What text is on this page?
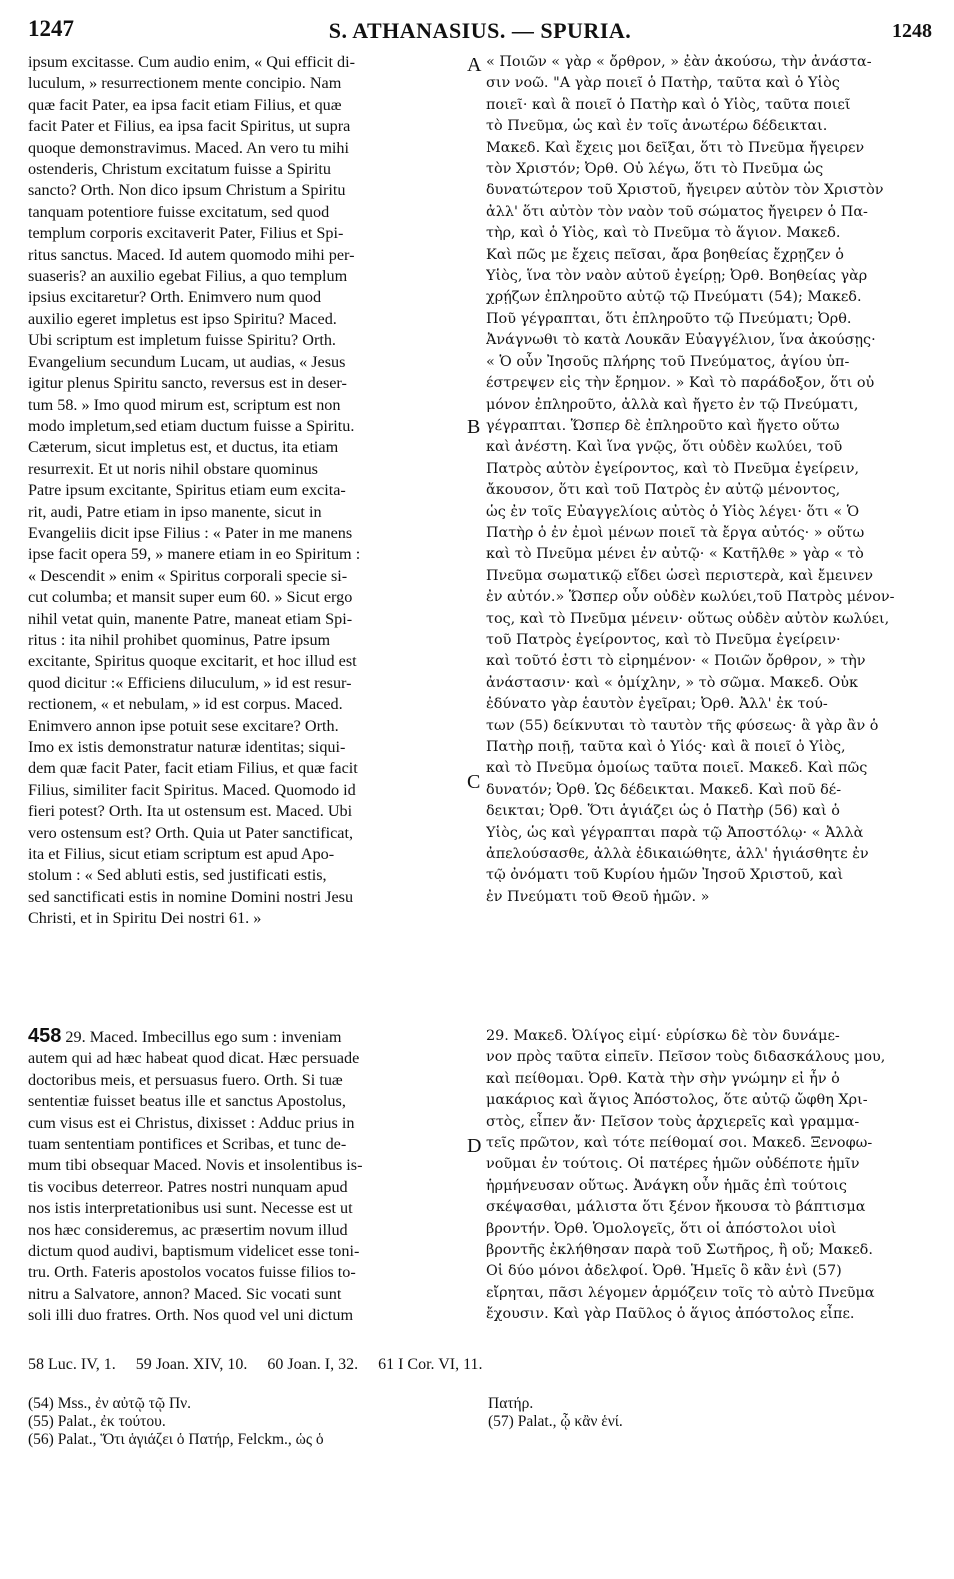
1247	S. ATHANASIUS. — SPURIA.	1248
ipsum excitasse. Cum audio enim, « Qui efficit di-
luculum, » resurrectionem mente concipio. Nam
quæ facit Pater, ea ipsa facit etiam Filius, et quæ
facit Pater et Filius, ea ipsa facit Spiritus, ut supra
quoque demonstravimus. Maced. An vero tu mihi
ostenderis, Christum excitatum fuisse a Spiritu
sancto? Orth. Non dico ipsum Christum a Spiritu
tanquam potentiore fuisse excitatum, sed quod
templum corporis excitaverit Pater, Filius et Spi-
ritus sanctus. Maced. Id autem quomodo mihi per-
suaseris? an auxilio egebat Filius, a quo templum
ipsius excitaretur? Orth. Enimvero num quod
auxilio egeret impletus est ipso Spiritu? Maced.
Ubi scriptum est impletum fuisse Spiritu? Orth.
Evangelium secundum Lucam, ut audias, « Jesus
igitur plenus Spiritu sancto, reversus est in deser-
tum 58. » Imo quod mirum est, scriptum est non
modo impletum,sed etiam ductum fuisse a Spiritu.
Cæterum, sicut impletus est, et ductus, ita etiam
resurrexit. Et ut noris nihil obstare quominus
Patre ipsum excitante, Spiritus etiam eum excita-
rit, audi, Patre etiam in ipso manente, sicut in
Evangeliis dicit ipse Filius : « Pater in me manens
ipse facit opera 59, » manere etiam in eo Spiritum :
« Descendit » enim « Spiritus corporali specie si-
cut columba; et mansit super eum 60. » Sicut ergo
nihil vetat quin, manente Patre, maneat etiam Spi-
ritus : ita nihil prohibet quominus, Patre ipsum
excitante, Spiritus quoque excitarit, et hoc illud est
quod dicitur :« Efficiens diluculum, » id est resur-
rectionem, « et nebulam, » id est corpus. Maced.
Enimvero annon ipse potuit sese excitare? Orth.
Imo ex istis demonstratur naturæ identitas; siqui-
dem quæ facit Pater, facit etiam Filius, et quæ facit
Filius, similiter facit Spiritus. Maced. Quomodo id
fieri potest? Orth. Ita ut ostensum est. Maced. Ubi
vero ostensum est? Orth. Quia ut Pater sanctificat,
ita et Filius, sicut etiam scriptum est apud Apo-
stolum : « Sed abluti estis, sed justificati estis,
sed sanctificati estis in nomine Domini nostri Jesu
Christi, et in Spiritu Dei nostri 61. »
« Ποιῶν « γὰρ « ὄρθρον, » ἐὰν ἀκούσω, τὴν ἀνάστα-
σιν νοῶ. "Α γὰρ ποιεῖ ὁ Πατὴρ, ταῦτα καὶ ὁ Υἱὸς
ποιεῖ· καὶ ἃ ποιεῖ ὁ Πατὴρ καὶ ὁ Υἱὸς, ταῦτα ποιεῖ
τὸ Πνεῦμα, ὡς καὶ ἐν τοῖς ἀνωτέρω δέδεικται.
Μακεδ. Καὶ ἔχεις μοι δεῖξαι, ὅτι τὸ Πνεῦμα ἤγειρεν
τὸν Χριστόν; Ὀρθ. Οὐ λέγω, ὅτι τὸ Πνεῦμα ὡς
δυνατώτερον τοῦ Χριστοῦ, ἤγειρεν αὐτὸν τὸν Χριστὸν
ἀλλ' ὅτι αὐτὸν τὸν ναὸν τοῦ σώματος ἤγειρεν ὁ Πα-
τὴρ, καὶ ὁ Υἱὸς, καὶ τὸ Πνεῦμα τὸ ἅγιον. Μακεδ.
Καὶ πῶς με ἔχεις πεῖσαι, ἄρα βοηθείας ἔχρῃζεν ὁ
Υἱὸς, ἵνα τὸν ναὸν αὐτοῦ ἐγείρῃ; Ὀρθ. Βοηθείας γὰρ
χρῄζων ἐπληροῦτο αὐτῷ τῷ Πνεύματι (54); Μακεδ.
Ποῦ γέγραπται, ὅτι ἐπληροῦτο τῷ Πνεύματι; Ὀρθ.
Ἀνάγνωθι τὸ κατὰ Λουκᾶν Εὐαγγέλιον, ἵνα ἀκούσῃς·
« Ὁ οὖν Ἰησοῦς πλήρης τοῦ Πνεύματος, ἁγίου ὑπ-
έστρεψεν εἰς τὴν ἔρημον. » Καὶ τὸ παράδοξον, ὅτι οὐ
μόνον ἐπληροῦτο, ἀλλὰ καὶ ἤγετο ἐν τῷ Πνεύματι,
γέγραπται. Ὥσπερ δὲ ἐπληροῦτο καὶ ἤγετο οὕτω
καὶ ἀνέστη. Καὶ ἵνα γνῷς, ὅτι οὐδὲν κωλύει, τοῦ
Πατρὸς αὐτὸν ἐγείροντος, καὶ τὸ Πνεῦμα ἐγείρειν,
ἄκουσον, ὅτι καὶ τοῦ Πατρὸς ἐν αὐτῷ μένοντος,
ὡς ἐν τοῖς Εὐαγγελίοις αὐτὸς ὁ Υἱὸς λέγει· ὅτι « Ὁ
Πατὴρ ὁ ἐν ἐμοὶ μένων ποιεῖ τὰ ἔργα αὐτός· » οὕτω
καὶ τὸ Πνεῦμα μένει ἐν αὐτῷ· « Κατῆλθε » γὰρ « τὸ
Πνεῦμα σωματικῷ εἴδει ὡσεὶ περιστερὰ, καὶ ἔμεινεν
ἐν αὐτόν.» Ὥσπερ οὖν οὐδὲν κωλύει,τοῦ Πατρὸς μένον-
τος, καὶ τὸ Πνεῦμα μένειν· οὕτως οὐδὲν αὐτὸν κωλύει,
τοῦ Πατρὸς ἐγείροντος, καὶ τὸ Πνεῦμα ἐγείρειν·
καὶ τοῦτό ἐστι τὸ εἰρημένον· « Ποιῶν ὄρθρον, » τὴν
ἀνάστασιν· καὶ « ὁμίχλην, » τὸ σῶμα. Μακεδ. Οὐκ
ἐδύνατο γὰρ ἑαυτὸν ἐγεῖραι; Ὀρθ. Ἀλλ' ἐκ τού-
των (55) δείκνυται τὸ ταυτὸν τῆς φύσεως· ἃ γὰρ ἂν ὁ
Πατὴρ ποιῇ, ταῦτα καὶ ὁ Υἱός· καὶ ἃ ποιεῖ ὁ Υἱὸς,
καὶ τὸ Πνεῦμα ὁμοίως ταῦτα ποιεῖ. Μακεδ. Καὶ πῶς
δυνατόν; Ὀρθ. Ὡς δέδεικται. Μακεδ. Καὶ ποῦ δέ-
δεικται; Ὀρθ. Ὅτι ἁγιάζει ὡς ὁ Πατὴρ (56) καὶ ὁ
Υἱὸς, ὡς καὶ γέγραπται παρὰ τῷ Ἀποστόλῳ· « Ἀλλὰ
ἀπελούσασθε, ἀλλὰ ἐδικαιώθητε, ἀλλ' ἡγιάσθητε ἐν
τῷ ὀνόματι τοῦ Κυρίου ἡμῶν Ἰησοῦ Χριστοῦ, καὶ
ἐν Πνεύματι τοῦ Θεοῦ ἡμῶν. »
A
B
C
D
458 29. Maced. Imbecillus ego sum : inveniam
autem qui ad hæc habeat quod dicat. Hæc persuade
doctoribus meis, et persuasus fuero. Orth. Si tuæ
sententiæ fuisset beatus ille et sanctus Apostolus,
cum visus est ei Christus, dixisset : Adduc prius in
tuam sententiam pontifices et Scribas, et tunc de-
mum tibi obsequar Maced. Novis et insolentibus is-
tis vocibus deterreor. Patres nostri nunquam apud
nos istis interpretationibus usi sunt. Necesse est ut
nos hæc consideremus, ac præsertim novum illud
dictum quod audivi, baptismum videlicet esse toni-
tru. Orth. Fateris apostolos vocatos fuisse filios to-
nitru a Salvatore, annon? Maced. Sic vocati sunt
soli illi duo fratres. Orth. Nos quod vel uni dictum
29. Μακεδ. Ὀλίγος εἰμί· εὑρίσκω δὲ τὸν δυνάμε-
νον πρὸς ταῦτα εἰπεῖν. Πεῖσον τοὺς διδασκάλους μου,
καὶ πείθομαι. Ὀρθ. Κατὰ τὴν σὴν γνώμην εἰ ἦν ὁ
μακάριος καὶ ἅγιος Ἀπόστολος, ὅτε αὐτῷ ὤφθη Χρι-
στὸς, εἶπεν ἄν· Πεῖσον τοὺς ἀρχιερεῖς καὶ γραμμα-
τεῖς πρῶτον, καὶ τότε πείθομαί σοι. Μακεδ. Ξενοφω-
νοῦμαι ἐν τούτοις. Οἱ πατέρες ἡμῶν οὐδέποτε ἡμῖν
ἡρμήνευσαν οὕτως. Ἀνάγκη οὖν ἡμᾶς ἐπὶ τούτοις
σκέψασθαι, μάλιστα ὅτι ξένον ἤκουσα τὸ βάπτισμα
βροντήν. Ὀρθ. Ὁμολογεῖς, ὅτι οἱ ἀπόστολοι υἱοὶ
βροντῆς ἐκλήθησαν παρὰ τοῦ Σωτῆρος, ἢ οὔ; Μακεδ.
Οἱ δύο μόνοι ἀδελφοί. Ὀρθ. Ἡμεῖς ὃ κἂν ἑνὶ (57)
εἴρηται, πᾶσι λέγομεν ἁρμόζειν τοῖς τὸ αὐτὸ Πνεῦμα
ἔχουσιν. Καὶ γὰρ Παῦλος ὁ ἅγιος ἀπόστολος εἶπε.
58 Luc. IV, 1. 59 Joan. XIV, 10. 60 Joan. I, 32. 61 I Cor. VI, 11.
(54) Mss., ἐν αὐτῷ τῷ Πν.
(55) Palat., ἐκ τούτου.
(56) Palat., Ὅτι ἁγιάζει ὁ Πατήρ, Felckm., ὡς ὁ
Πατήρ.
(57) Palat., ᾧ κἂν ἑνί.
